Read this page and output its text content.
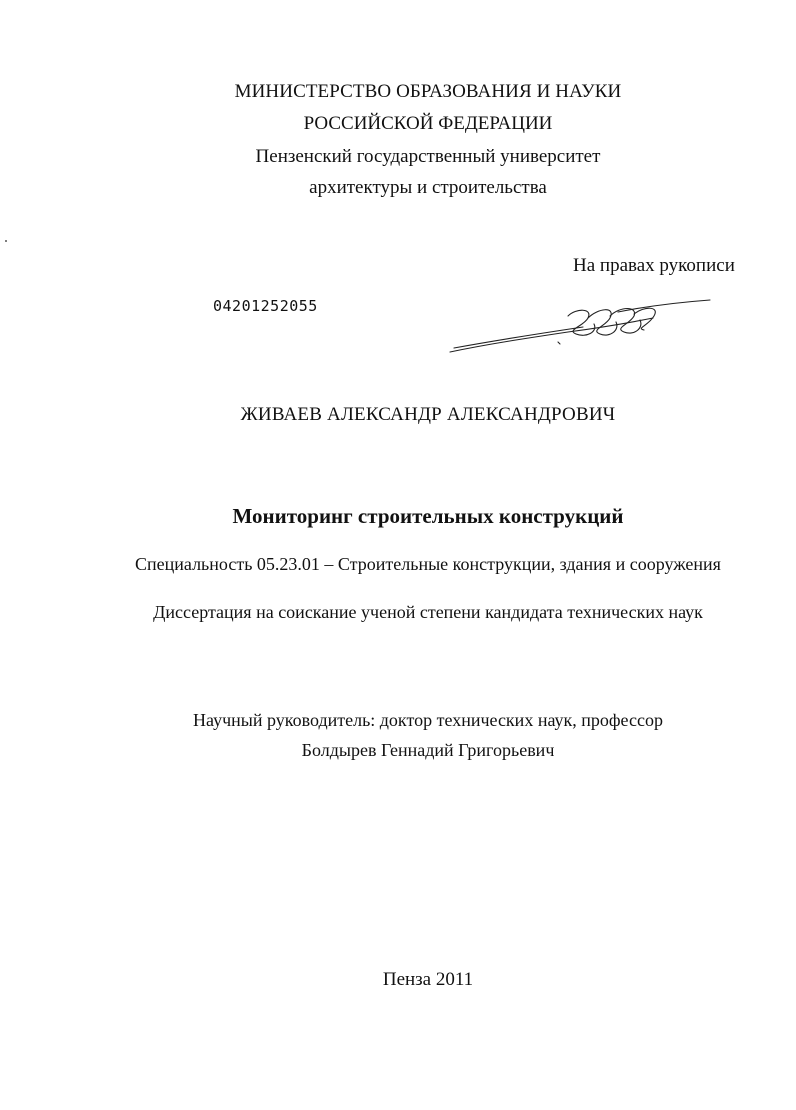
МИНИСТЕРСТВО ОБРАЗОВАНИЯ И НАУКИ
РОССИЙСКОЙ ФЕДЕРАЦИИ
Пензенский государственный университет
архитектуры и строительства
На правах рукописи
04201252055
ЖИВАЕВ АЛЕКСАНДР АЛЕКСАНДРОВИЧ
Мониторинг строительных конструкций
Специальность 05.23.01 – Строительные конструкции, здания и сооружения
Диссертация на соискание ученой степени кандидата технических наук
Научный руководитель: доктор технических наук, профессор
Болдырев Геннадий Григорьевич
Пенза 2011
